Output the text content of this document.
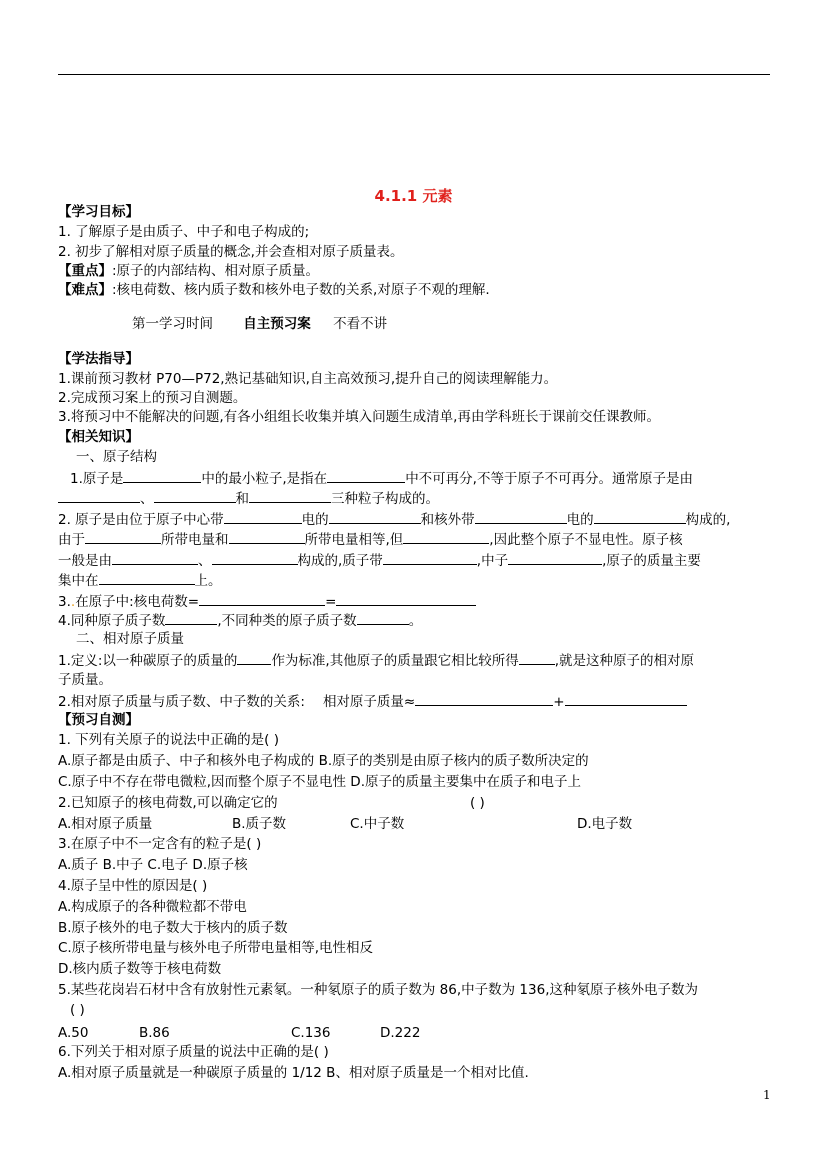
4.1.1 元素
【学习目标】
1. 了解原子是由质子、中子和电子构成的;
2. 初步了解相对原子质量的概念,并会查相对原子质量表。
【重点】:原子的内部结构、相对原子质量。
【难点】:核电荷数、核内质子数和核外电子数的关系,对原子不观的理解.
第一学习时间 自主预习案 不看不讲
【学法指导】
1.课前预习教材 P70—P72,熟记基础知识,自主高效预习,提升自己的阅读理解能力。
2.完成预习案上的预习自测题。
3.将预习中不能解决的问题,有各小组组长收集并填入问题生成清单,再由学科班长于课前交任课教师。
【相关知识】
一、原子结构
1.原子是	中的最小粒子,是指在	中不可再分,不等于原子不可再分。通常原子是由
、	和	三种粒子构成的。
2. 原子是由位于原子中心带	电的	和核外带	电的	构成的,
由于	所带电量和	所带电量相等,但	,因此整个原子不显电性。原子核
一般是由	、	构成的,质子带	,中子	,原子的质量主要
集中在	上。
3..在原子中:核电荷数=	=
4.同种原子质子数	,不同种类的原子质子数	。
二、相对原子质量
1.定义:以一种碳原子的质量的	作为标准,其他原子的质量跟它相比较所得	,就是这种原子的相对原
子质量。
2.相对原子质量与质子数、中子数的关系: 相对原子质量≈	+
【预习自测】
1. 下列有关原子的说法中正确的是( )
A.原子都是由质子、中子和核外电子构成的 B.原子的类别是由原子核内的质子数所决定的
C.原子中不存在带电微粒,因而整个原子不显电性 D.原子的质量主要集中在质子和电子上
2.已知原子的核电荷数,可以确定它的	( )
A.相对原子质量	B.质子数	C.中子数	D.电子数
3.在原子中不一定含有的粒子是( )
A.质子 B.中子 C.电子 D.原子核
4.原子呈中性的原因是( )
A.构成原子的各种微粒都不带电
B.原子核外的电子数大于核内的质子数
C.原子核所带电量与核外电子所带电量相等,电性相反
D.核内质子数等于核电荷数
5.某些花岗岩石材中含有放射性元素氡。一种氡原子的质子数为 86,中子数为 136,这种氡原子核外电子数为
( )
A.50	B.86	C.136	D.222
6.下列关于相对原子质量的说法中正确的是( )
A.相对原子质量就是一种碳原子质量的 1/12 B、相对原子质量是一个相对比值.
1
